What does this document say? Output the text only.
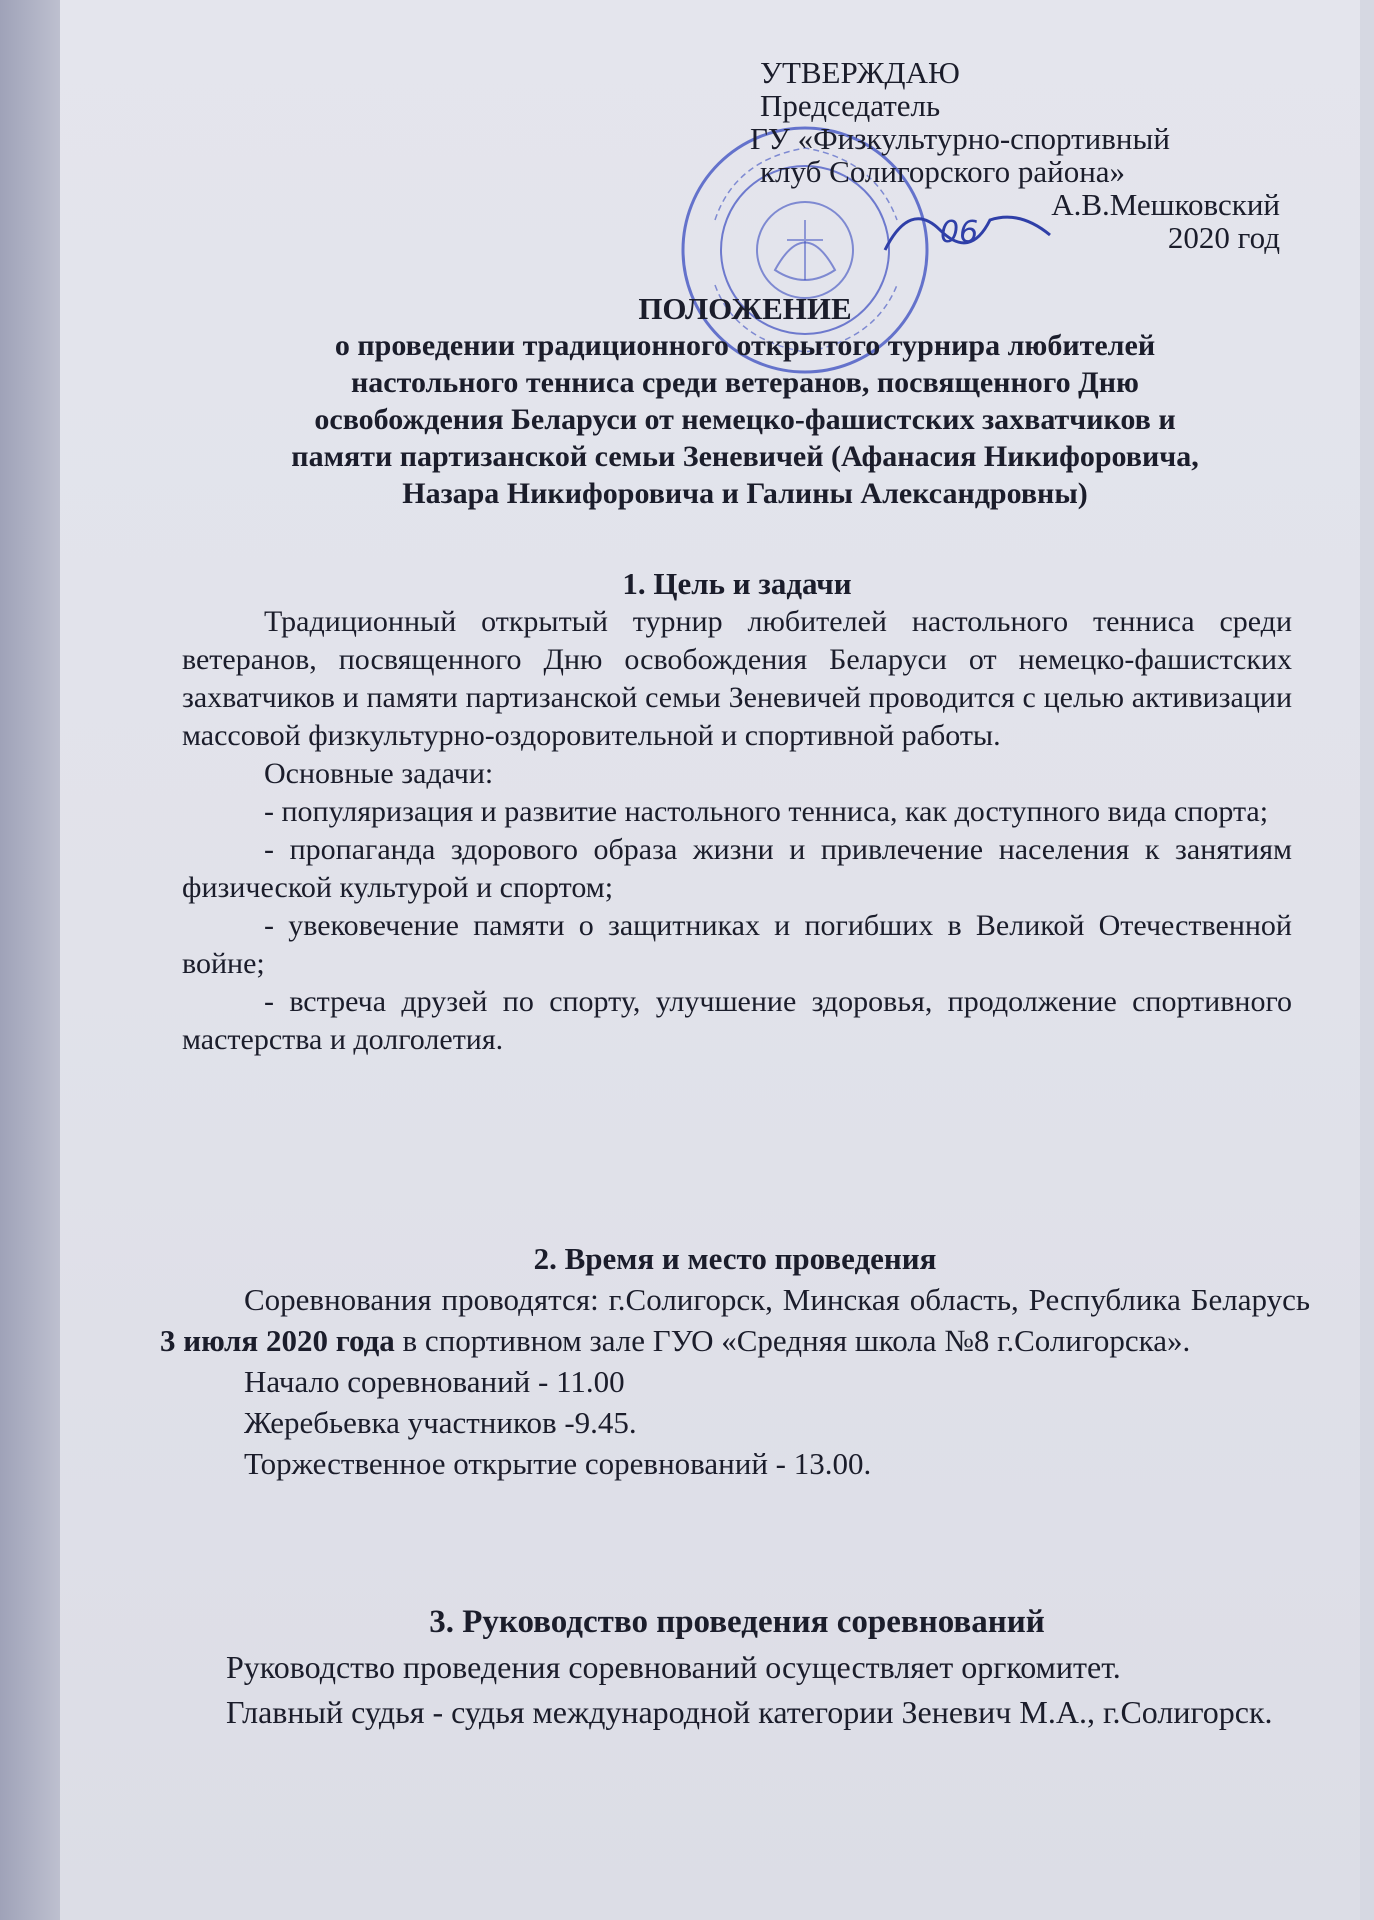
06
УТВЕРЖДАЮ
Председатель
ГУ «Физкультурно-спортивный
клуб Солигорского района»
А.В.Мешковский
2020 год
ПОЛОЖЕНИЕ
о проведении традиционного открытого турнира любителей
настольного тенниса среди ветеранов, посвященного Дню
освобождения Беларуси от немецко-фашистских захватчиков и
памяти партизанской семьи Зеневичей (Афанасия Никифоровича,
Назара Никифоровича и Галины Александровны)
1. Цель и задачи

Традиционный открытый турнир любителей настольного тенниса среди ветеранов, посвященного Дню освобождения Беларуси от немецко-фашистских захватчиков и памяти партизанской семьи Зеневичей проводится с целью активизации массовой физкультурно-оздоровительной и спортивной работы.

Основные задачи:

- популяризация и развитие настольного тенниса, как доступного вида спорта;

- пропаганда здорового образа жизни и привлечение населения к занятиям физической культурой и спортом;

- увековечение памяти о защитниках и погибших в Великой Отечественной войне;

- встреча друзей по спорту, улучшение здоровья, продолжение спортивного мастерства и долголетия.

2. Время и место проведения

Соревнования проводятся: г.Солигорск, Минская область, Республика Беларусь 3 июля 2020 года в спортивном зале ГУО «Средняя школа №8 г.Солигорска».

Начало соревнований - 11.00

Жеребьевка участников -9.45.

Торжественное открытие соревнований - 13.00.

3. Руководство проведения соревнований

Руководство проведения соревнований осуществляет оргкомитет.

Главный судья - судья международной категории Зеневич М.А., г.Солигорск.
